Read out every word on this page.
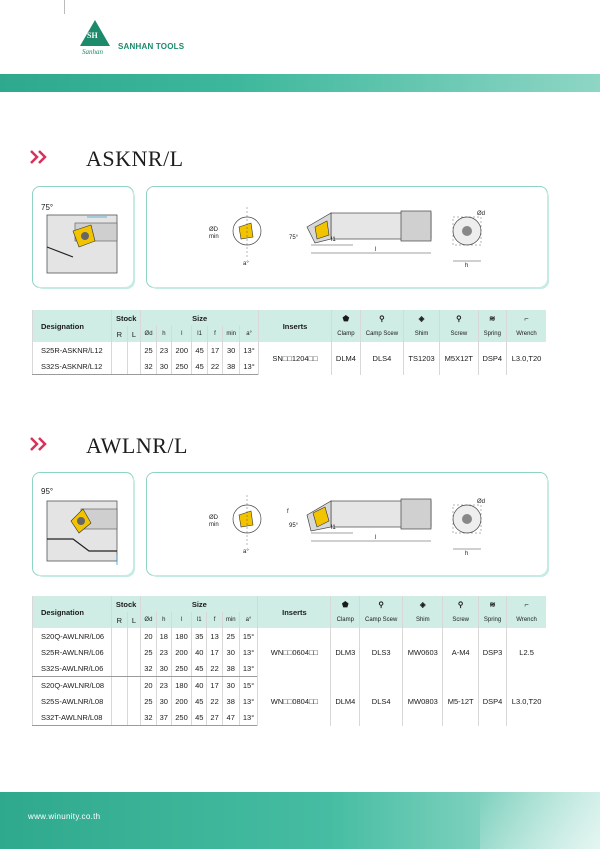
SH
Sanhan
SANHAN TOOLS
ASKNR/L
75°
ØD
min
a°
75°	l1
l
Ød
h
Designation	Stock		Size							Inserts	⬟	⚲	◈	⚲	≋	⌐
	R	L	Ød	h	l	l1	f	min	a°		Clamp	Camp Scew	Shim	Screw	Spring	Wrench
S25R-ASKNR/L12			25	23	200	45	17	30	13°	SN□□1204□□	DLM4	DLS4	TS1203	M5X12T	DSP4	L3.0,T20
S32S-ASKNR/L12			32	30	250	45	22	38	13°							
AWLNR/L
95°
ØD
min
a°
95°
f
l1
l
Ød
h
Designation	Stock		Size							Inserts	⬟	⚲	◈	⚲	≋	⌐
	R	L	Ød	h	l	l1	f	min	a°		Clamp	Camp Scew	Shim	Screw	Spring	Wrench
S20Q-AWLNR/L06			20	18	180	35	13	25	15°	WN□□0604□□	DLM3	DLS3	MW0603	A-M4	DSP3	L2.5
S25R-AWLNR/L06			25	23	200	40	17	30	13°							
S32S-AWLNR/L06			32	30	250	45	22	38	13°							
S20Q-AWLNR/L08			20	23	180	40	17	30	15°	WN□□0804□□	DLM4	DLS4	MW0803	M5-12T	DSP4	L3.0,T20
S25S-AWLNR/L08			25	30	200	45	22	38	13°							
S32T-AWLNR/L08			32	37	250	45	27	47	13°							
www.winunity.co.th
